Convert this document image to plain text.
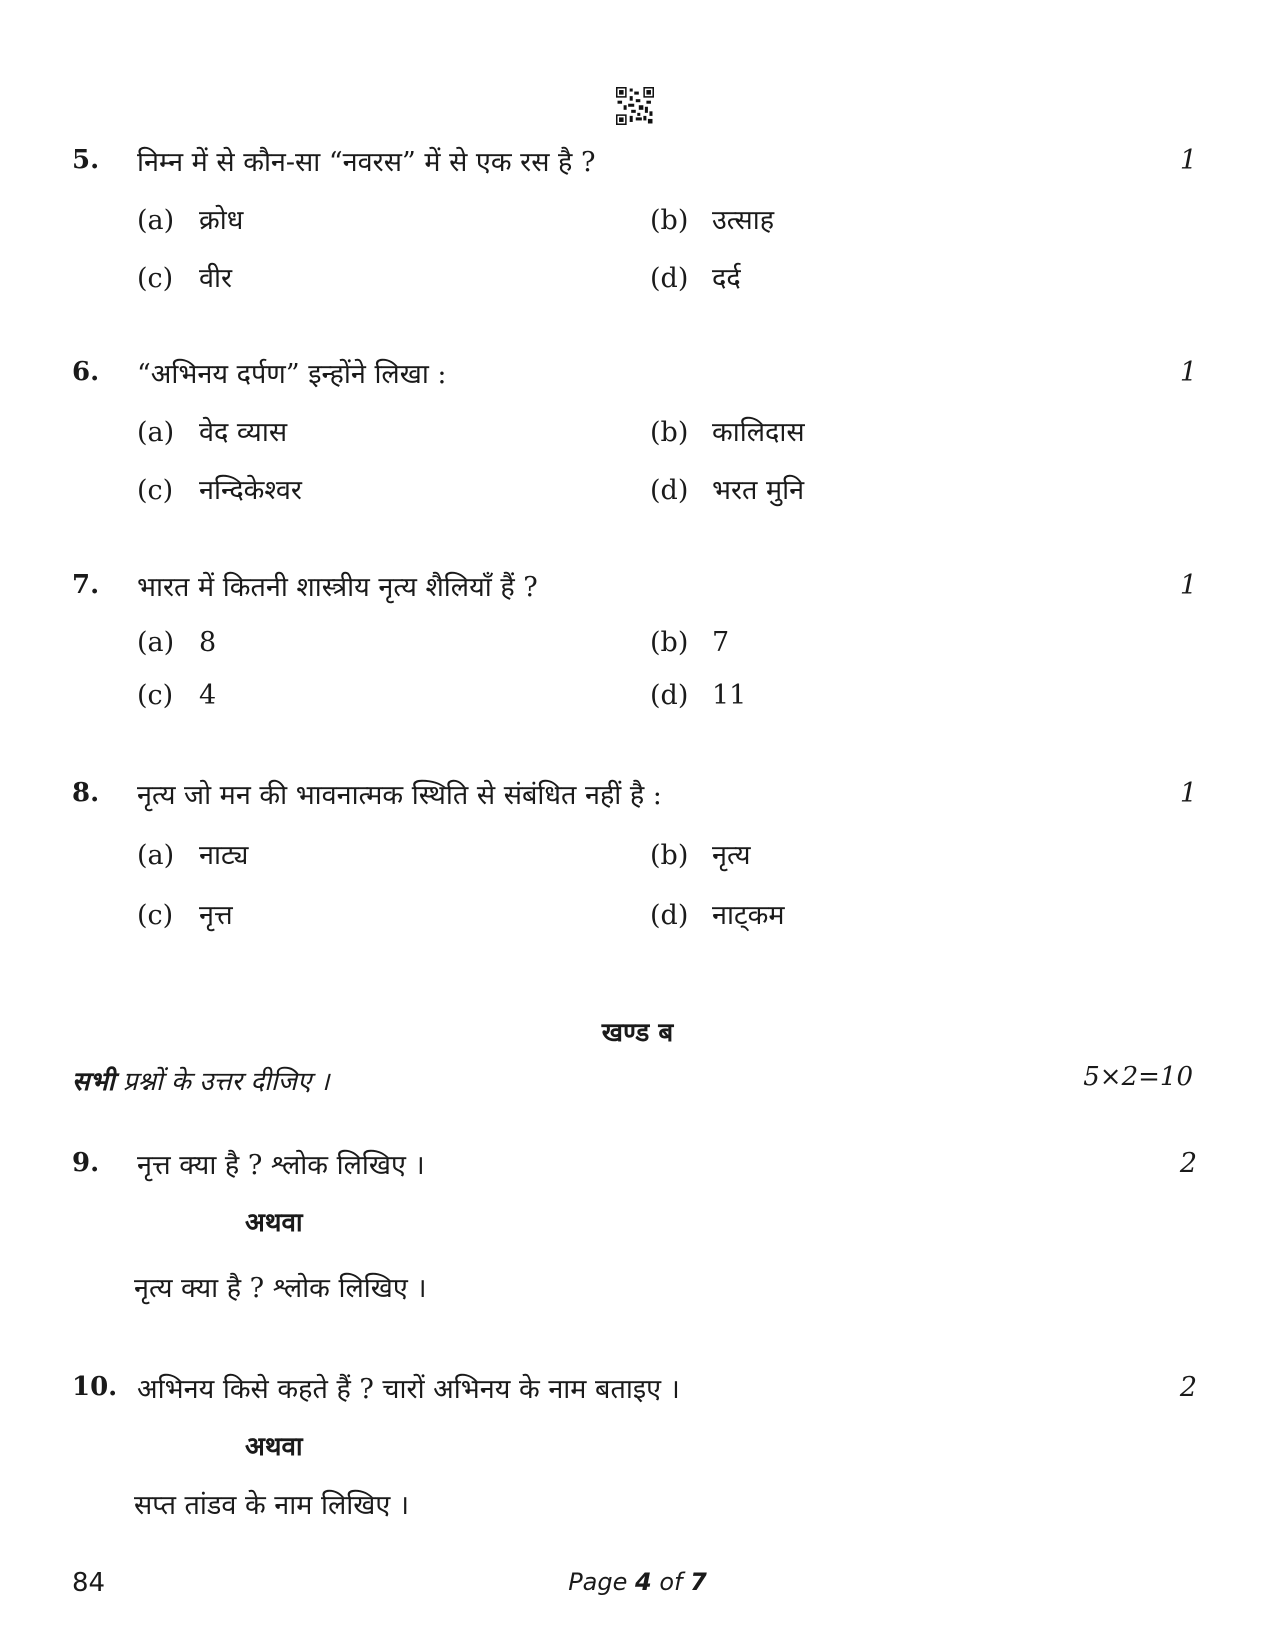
5. निम्न में से कौन-सा “नवरस” में से एक रस है ?	1
(a) क्रोध	(b) उत्साह
(c) वीर	(d) दर्द
6. “अभिनय दर्पण” इन्होंने लिखा :	1
(a) वेद व्यास	(b) कालिदास
(c) नन्दिकेश्वर	(d) भरत मुनि
7. भारत में कितनी शास्त्रीय नृत्य शैलियाँ हैं ?	1
(a) 8	(b) 7
(c) 4	(d) 11
8. नृत्य जो मन की भावनात्मक स्थिति से संबंधित नहीं है :	1
(a) नाट्य	(b) नृत्य
(c) नृत्त	(d) नाट्कम
खण्ड ब
सभी प्रश्नों के उत्तर दीजिए ।	5×2=10
9. नृत्त क्या है ? श्लोक लिखिए ।	2
अथवा
नृत्य क्या है ? श्लोक लिखिए ।
10. अभिनय किसे कहते हैं ? चारों अभिनय के नाम बताइए ।	2
अथवा
सप्त तांडव के नाम लिखिए ।
84	Page 4 of 7
